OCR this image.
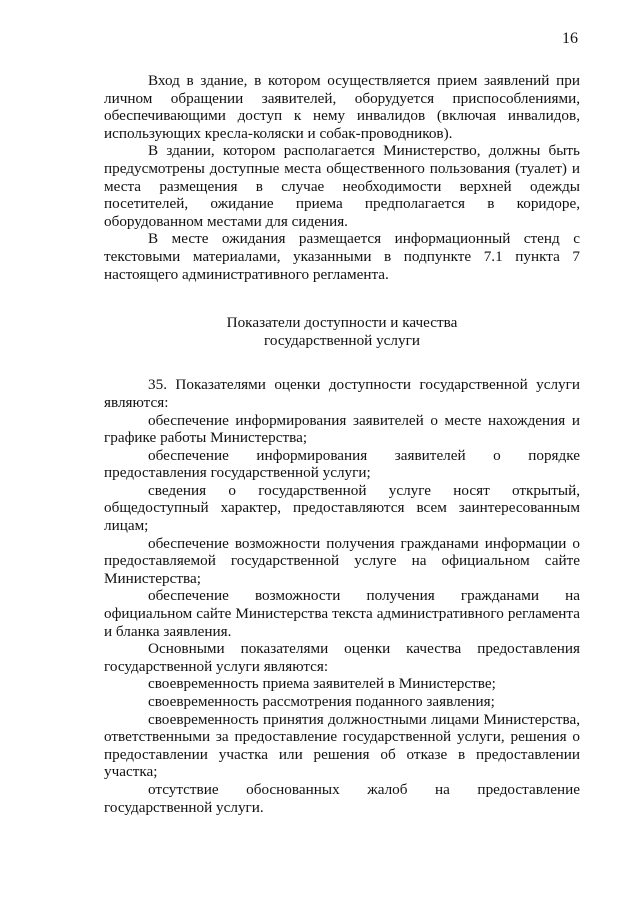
16

Вход в здание, в котором осуществляется прием заявлений при личном обращении заявителей, оборудуется приспособлениями, обеспечивающими доступ к нему инвалидов (включая инвалидов, использующих кресла-коляски и собак-проводников).

В здании, котором располагается Министерство, должны быть предусмотрены доступные места общественного пользования (туалет) и места размещения в случае необходимости верхней одежды посетителей, ожидание приема предполагается в коридоре, оборудованном местами для сидения.

В месте ожидания размещается информационный стенд с текстовыми материалами, указанными в подпункте 7.1 пункта 7 настоящего административного регламента.

Показатели доступности и качества
государственной услуги

35. Показателями оценки доступности государственной услуги являются:

обеспечение информирования заявителей о месте нахождения и графике работы Министерства;

обеспечение информирования заявителей о порядке предоставления государственной услуги;

сведения о государственной услуге носят открытый, общедоступный характер, предоставляются всем заинтересованным лицам;

обеспечение возможности получения гражданами информации о предоставляемой государственной услуге на официальном сайте Министерства;

обеспечение возможности получения гражданами на официальном сайте Министерства текста административного регламента и бланка заявления.

Основными показателями оценки качества предоставления государственной услуги являются:

своевременность приема заявителей в Министерстве;

своевременность рассмотрения поданного заявления;

своевременность принятия должностными лицами Министерства, ответственными за предоставление государственной услуги, решения о предоставлении участка или решения об отказе в предоставлении участка;

отсутствие обоснованных жалоб на предоставление государственной услуги.
